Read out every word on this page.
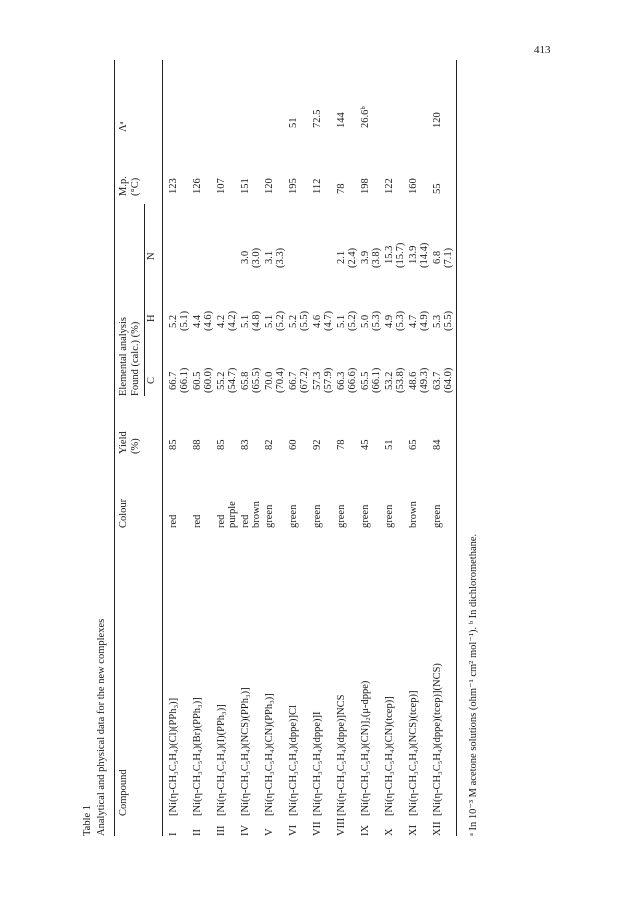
413
Table 1 Analytical and physical data for the new complexes Compound
Colour
Yield (%)
Elemental analysis Found (calc.) (%) C
H
N
M.p. (°C)
Λᵃ
I
[Ni(η-CH₃C₅H₄)(Cl)(PPh₃)]
red
85
66.7
5.2
123
(66.1)
(5.1)
II
[Ni(η-CH₃C₅H₄)(Br)(PPh₃)]
red
88
60.5
4.4
126
(60.0)
(4.6)
III
[Ni(η-CH₃C₅H₄)(I)(PPh₃)]
red
85
55.2
4.2
107
purple
(54.7)
(4.2)
IV
[Ni(η-CH₃C₅H₄)(NCS)(PPh₃)]
red
83
65.8
5.1
3.0
151
brown
(65.5)
(4.8)
(3.0)
V
[Ni(η-CH₃C₅H₄)(CN)(PPh₃)]
green
82
70.0
5.1
3.1
120
(70.4)
(5.2)
(3.3)
VI
[Ni(η-CH₃C₅H₄)(dppe)]Cl
green
60
66.7
5.2
195
51
(67.2)
(5.5)
VII
[Ni(η-CH₃C₅H₄)(dppe)]I
green
92
57.3
4.6
112
72.5
(57.9)
(4.7)
VIII
[Ni(η-CH₃C₅H₄)(dppe)]NCS
green
78
66.3
5.1
2.1
78
144
(66.6)
(5.2)
(2.4)
IX
[Ni(η-CH₃C₅H₄)(CN)]₂(μ-dppe)
green
45
65.5
5.0
3.9
198
26.6ᵇ
(66.1)
(5.3)
(3.8)
X
[Ni(η-CH₃C₅H₄)(CN)(tcep)]
green
51
53.2
4.9
15.3
122
(53.8)
(5.3)
(15.7)
XI
[Ni(η-CH₃C₅H₄)(NCS)(tcep)]
brown
65
48.6
4.7
13.9
160
(49.3)
(4.9)
(14.4)
XII
[Ni(η-CH₃C₅H₄)(dppe)(tcep)](NCS)
green
84
63.7
5.3
6.8
55
120
(64.0)
(5.5)
(7.1)
ᵃ In 10⁻³ M acetone solutions (ohm⁻¹ cm² mol⁻¹). ᵇ In dichloromethane.
